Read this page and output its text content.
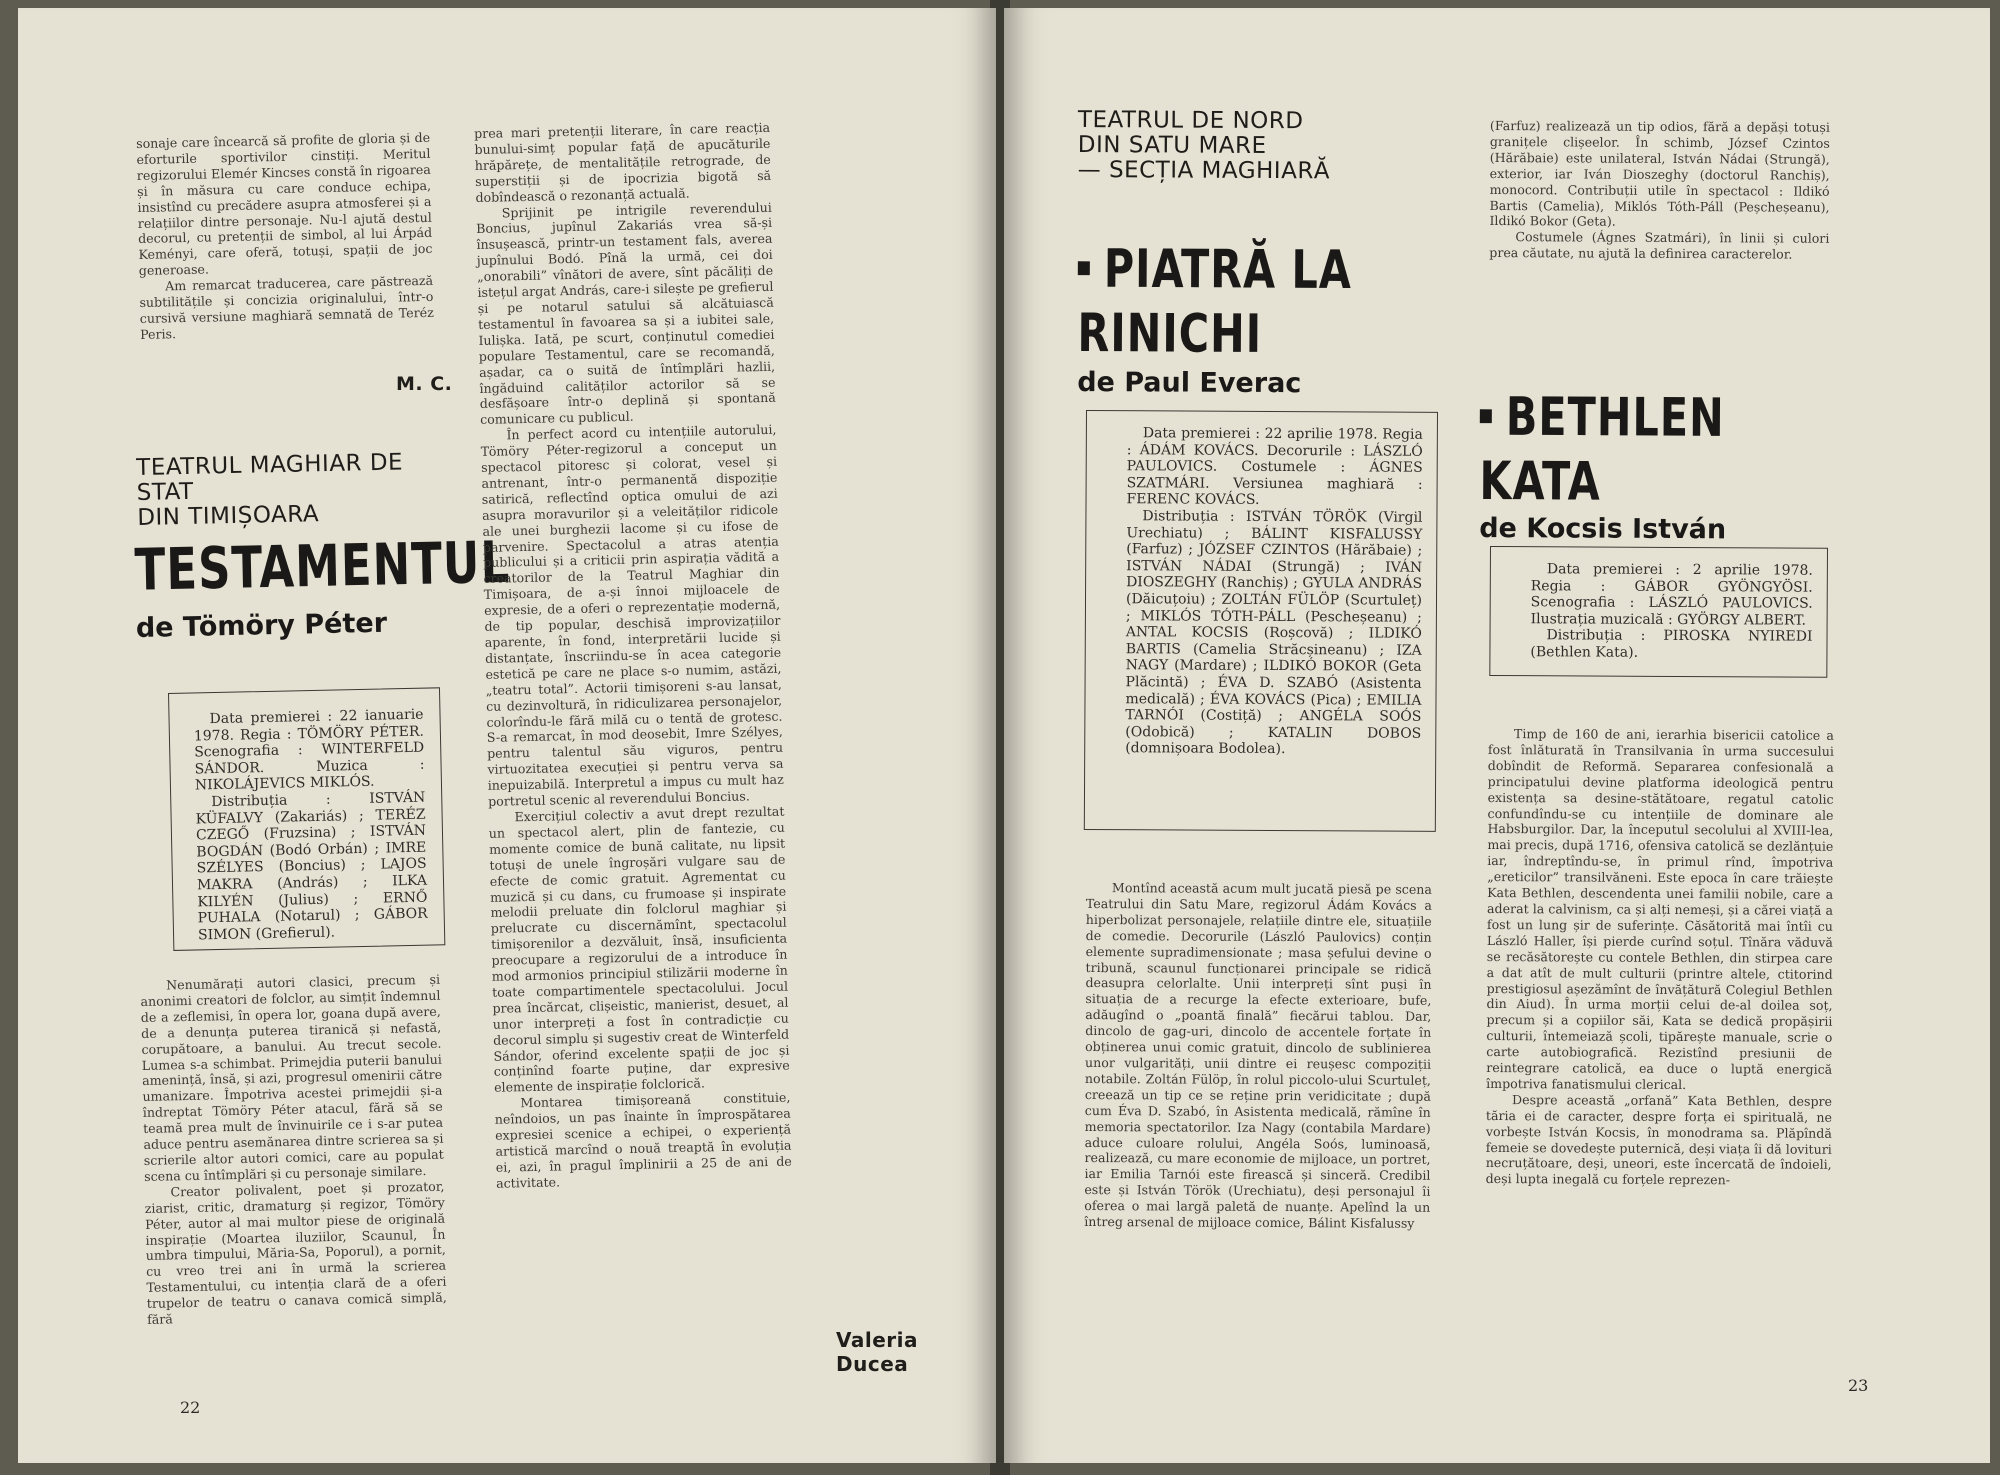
sonaje care încearcă să profite de gloria și de eforturile sportivilor cinstiți. Meritul regizorului Elemér Kincses constă în rigoarea și în măsura cu care conduce echipa, insistînd cu precădere asupra atmosferei și a relațiilor dintre personaje. Nu-l ajută destul decorul, cu pretenții de simbol, al lui Árpád Keményi, care oferă, totuși, spații de joc generoase.

Am remarcat traducerea, care păstrează subtilitățile și concizia originalului, într-o cursivă versiune maghiară semnată de Teréz Peris.

M. C.

TEATRUL MAGHIAR DE STAT
DIN TIMIȘOARA

TESTAMENTUL

de Tömöry Péter

Data premierei : 22 ianuarie 1978. Regia : TÖMÖRY PÉTER. Scenografia : WINTERFELD SÁNDOR. Muzica : NIKOLÁJEVICS MIKLÓS.

Distribuția : ISTVÁN KÜFALVY (Zakariás) ; TERÉZ CZEGŐ (Fruzsina) ; ISTVÁN BOGDÁN (Bodó Orbán) ; IMRE SZÉLYES (Boncius) ; LAJOS MAKRA (András) ; ILKA KILYÉN (Julius) ; ERNŐ PUHALA (Notarul) ; GÁBOR SIMON (Grefierul).

Nenumărați autori clasici, precum și anonimi creatori de folclor, au simțit îndemnul de a zeflemisi, în opera lor, goana după avere, de a denunța puterea tiranică și nefastă, corupătoare, a banului. Au trecut secole. Lumea s-a schimbat. Primejdia puterii banului amenință, însă, și azi, progresul omenirii către umanizare. Împotriva acestei primejdii și-a îndreptat Tömöry Péter atacul, fără să se teamă prea mult de învinuirile ce i s-ar putea aduce pentru asemănarea dintre scrierea sa și scrierile altor autori comici, care au populat scena cu întîmplări și cu personaje similare.

Creator polivalent, poet și prozator, ziarist, critic, dramaturg și regizor, Tömöry Péter, autor al mai multor piese de originală inspirație (Moartea iluziilor, Scaunul, În umbra timpului, Măria-Sa, Poporul), a pornit, cu vreo trei ani în urmă la scrierea Testamentului, cu intenția clară de a oferi trupelor de teatru o canava comică simplă, fără

prea mari pretenții literare, în care reacția bunului-simț popular față de apucăturile hrăpărețe, de mentalitățile retrograde, de superstiții și de ipocrizia bigotă să dobîndească o rezonanță actuală.

Sprijinit pe intrigile reverendului Boncius, jupînul Zakariás vrea să-și însușească, printr-un testament fals, averea jupînului Bodó. Pînă la urmă, cei doi „onorabili” vînători de avere, sînt păcăliți de istețul argat András, care-i silește pe grefierul și pe notarul satului să alcătuiască testamentul în favoarea sa și a iubitei sale, Iulișka. Iată, pe scurt, conținutul comediei populare Testamentul, care se recomandă, așadar, ca o suită de întîmplări hazlii, îngăduind calităților actorilor să se desfășoare într-o deplină și spontană comunicare cu publicul.

În perfect acord cu intențiile autorului, Tömöry Péter-regizorul a conceput un spectacol pitoresc și colorat, vesel și antrenant, într-o permanentă dispoziție satirică, reflectînd optica omului de azi asupra moravurilor și a veleităților ridicole ale unei burghezii lacome și cu ifose de parvenire. Spectacolul a atras atenția publicului și a criticii prin aspirația vădită a creatorilor de la Teatrul Maghiar din Timișoara, de a-și înnoi mijloacele de expresie, de a oferi o reprezentație modernă, de tip popular, deschisă improvizațiilor aparente, în fond, interpretării lucide și distanțate, înscriindu-se în acea categorie estetică pe care ne place s-o numim, astăzi, „teatru total”. Actorii timișoreni s-au lansat, cu dezinvoltură, în ridiculizarea personajelor, colorîndu-le fără milă cu o tentă de grotesc. S-a remarcat, în mod deosebit, Imre Szélyes, pentru talentul său viguros, pentru virtuozitatea execuției și pentru verva sa inepuizabilă. Interpretul a impus cu mult haz portretul scenic al reverendului Boncius.

Exercițiul colectiv a avut drept rezultat un spectacol alert, plin de fantezie, cu momente comice de bună calitate, nu lipsit totuși de unele îngroșări vulgare sau de efecte de comic gratuit. Agrementat cu muzică și cu dans, cu frumoase și inspirate melodii preluate din folclorul maghiar și prelucrate cu discernămînt, spectacolul timișorenilor a dezvăluit, însă, insuficienta preocupare a regizorului de a introduce în mod armonios principiul stilizării moderne în toate compartimentele spectacolului. Jocul prea încărcat, clișeistic, manierist, desuet, al unor interpreți a fost în contradicție cu decorul simplu și sugestiv creat de Winterfeld Sándor, oferind excelente spații de joc și conținînd foarte puține, dar expresive elemente de inspirație folclorică.

Montarea timișoreană constituie, neîndoios, un pas înainte în împrospătarea expresiei scenice a echipei, o experiență artistică marcînd o nouă treaptă în evoluția ei, azi, în pragul împlinirii a 25 de ani de activitate.

Valeria Ducea
22

TEATRUL DE NORD
DIN SATU MARE
— SECȚIA MAGHIARĂ

PIATRĂ LA RINICHI

de Paul Everac

Data premierei : 22 aprilie 1978. Regia : ÁDÁM KOVÁCS. Decorurile : LÁSZLÓ PAULOVICS. Costumele : ÁGNES SZATMÁRI. Versiunea maghiară : FERENC KOVÁCS.

Distribuția : ISTVÁN TÖRÖK (Virgil Urechiatu) ; BÁLINT KISFALUSSY (Farfuz) ; JÓZSEF CZINTOS (Hărăbaie) ; ISTVÁN NÁDAI (Strungă) ; IVÁN DIOSZEGHY (Ranchiș) ; GYULA ANDRÁS (Dăicuțoiu) ; ZOLTÁN FÜLÖP (Scurtuleț) ; MIKLÓS TÓTH-PÁLL (Pescheșeanu) ; ANTAL KOCSIS (Roșcovă) ; ILDIKÓ BARTIS (Camelia Străcșineanu) ; IZA NAGY (Mardare) ; ILDIKÓ BOKOR (Geta Plăcintă) ; ÉVA D. SZABÓ (Asistenta medicală) ; ÉVA KOVÁCS (Pica) ; EMILIA TARNÓI (Costiță) ; ANGÉLA SOÓS (Odobică) ; KATALIN DOBOS (domnișoara Bodolea).

Montînd această acum mult jucată piesă pe scena Teatrului din Satu Mare, regizorul Ádám Kovács a hiperbolizat personajele, relațiile dintre ele, situațiile de comedie. Decorurile (László Paulovics) conțin elemente supradimensionate ; masa șefului devine o tribună, scaunul funcționarei principale se ridică deasupra celorlalte. Unii interpreți sînt puși în situația de a recurge la efecte exterioare, bufe, adăugînd o „poantă finală” fiecărui tablou. Dar, dincolo de gag-uri, dincolo de accentele forțate în obținerea unui comic gratuit, dincolo de sublinierea unor vulgarități, unii dintre ei reușesc compoziții notabile. Zoltán Fülöp, în rolul piccolo-ului Scurtuleț, creează un tip ce se reține prin veridicitate ; după cum Éva D. Szabó, în Asistenta medicală, rămîne în memoria spectatorilor. Iza Nagy (contabila Mardare) aduce culoare rolului, Angéla Soós, luminoasă, realizează, cu mare economie de mijloace, un portret, iar Emilia Tarnói este firească și sinceră. Credibil este și István Török (Urechiatu), deși personajul îi oferea o mai largă paletă de nuanțe. Apelînd la un întreg arsenal de mijloace comice, Bálint Kisfalussy

(Farfuz) realizează un tip odios, fără a depăși totuși granițele clișeelor. În schimb, József Czintos (Hărăbaie) este unilateral, István Nádai (Strungă), exterior, iar Iván Dioszeghy (doctorul Ranchiș), monocord. Contribuții utile în spectacol : Ildikó Bartis (Camelia), Miklós Tóth-Páll (Peșcheșeanu), Ildikó Bokor (Geta).

Costumele (Ágnes Szatmári), în linii și culori prea căutate, nu ajută la definirea caracterelor.

BETHLEN KATA

de Kocsis István

Data premierei : 2 aprilie 1978. Regia : GÁBOR GYÖNGYÖSI. Scenografia : LÁSZLÓ PAULOVICS. Ilustrația muzicală : GYÖRGY ALBERT.

Distribuția : PIROSKA NYIREDI (Bethlen Kata).

Timp de 160 de ani, ierarhia bisericii catolice a fost înlăturată în Transilvania în urma succesului dobîndit de Reformă. Separarea confesională a principatului devine platforma ideologică pentru existența sa desine-stătătoare, regatul catolic confundîndu-se cu intențiile de dominare ale Habsburgilor. Dar, la începutul secolului al XVIII-lea, mai precis, după 1716, ofensiva catolică se dezlănțuie iar, îndreptîndu-se, în primul rînd, împotriva „ereticilor” transilvăneni. Este epoca în care trăiește Kata Bethlen, descendenta unei familii nobile, care a aderat la calvinism, ca și alți nemeși, și a cărei viață a fost un lung șir de suferințe. Căsătorită mai întîi cu László Haller, își pierde curînd soțul. Tînăra văduvă se recăsătorește cu contele Bethlen, din stirpea care a dat atît de mult culturii (printre altele, ctitorind prestigiosul așezămînt de învățătură Colegiul Bethlen din Aiud). În urma morții celui de-al doilea soț, precum și a copiilor săi, Kata se dedică propășirii culturii, întemeiază școli, tipărește manuale, scrie o carte autobiografică. Rezistînd presiunii de reintegrare catolică, ea duce o luptă energică împotriva fanatismului clerical.

Despre această „orfană” Kata Bethlen, despre tăria ei de caracter, despre forța ei spirituală, ne vorbește István Kocsis, în monodrama sa. Plăpîndă femeie se dovedește puternică, deși viața îi dă lovituri necruțătoare, deși, uneori, este încercată de îndoieli, deși lupta inegală cu forțele reprezen-

23
